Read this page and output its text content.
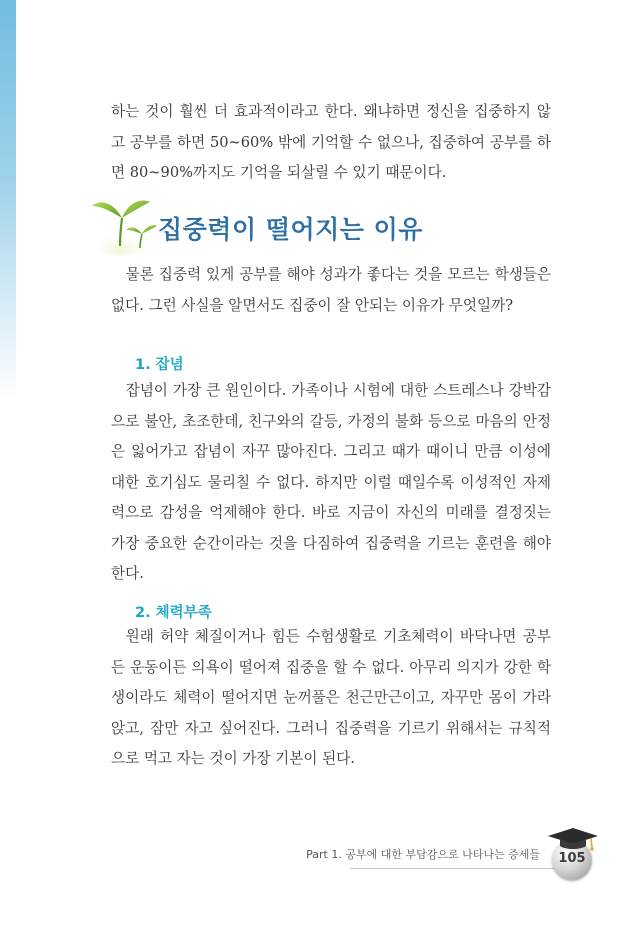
하는 것이 훨씬 더 효과적이라고 한다. 왜냐하면 정신을 집중하지 않고 공부를 하면 50~60% 밖에 기억할 수 없으나, 집중하여 공부를 하면 80~90%까지도 기억을 되살릴 수 있기 때문이다.

집중력이 떨어지는 이유

물론 집중력 있게 공부를 해야 성과가 좋다는 것을 모르는 학생들은 없다. 그런 사실을 알면서도 집중이 잘 안되는 이유가 무엇일까?

1. 잡념

잡념이 가장 큰 원인이다. 가족이나 시험에 대한 스트레스나 강박감으로 불안, 초조한데, 친구와의 갈등, 가정의 불화 등으로 마음의 안정은 잃어가고 잡념이 자꾸 많아진다. 그리고 때가 때이니 만큼 이성에 대한 호기심도 물리칠 수 없다. 하지만 이럴 때일수록 이성적인 자제력으로 감성을 억제해야 한다. 바로 지금이 자신의 미래를 결정짓는 가장 중요한 순간이라는 것을 다짐하여 집중력을 기르는 훈련을 해야 한다.

2. 체력부족

원래 허약 체질이거나 힘든 수험생활로 기초체력이 바닥나면 공부든 운동이든 의욕이 떨어져 집중을 할 수 없다. 아무리 의지가 강한 학생이라도 체력이 떨어지면 눈꺼풀은 천근만근이고, 자꾸만 몸이 가라앉고, 잠만 자고 싶어진다. 그러니 집중력을 기르기 위해서는 규칙적으로 먹고 자는 것이 가장 기본이 된다.

Part 1. 공부에 대한 부담감으로 나타나는 증세들	105
